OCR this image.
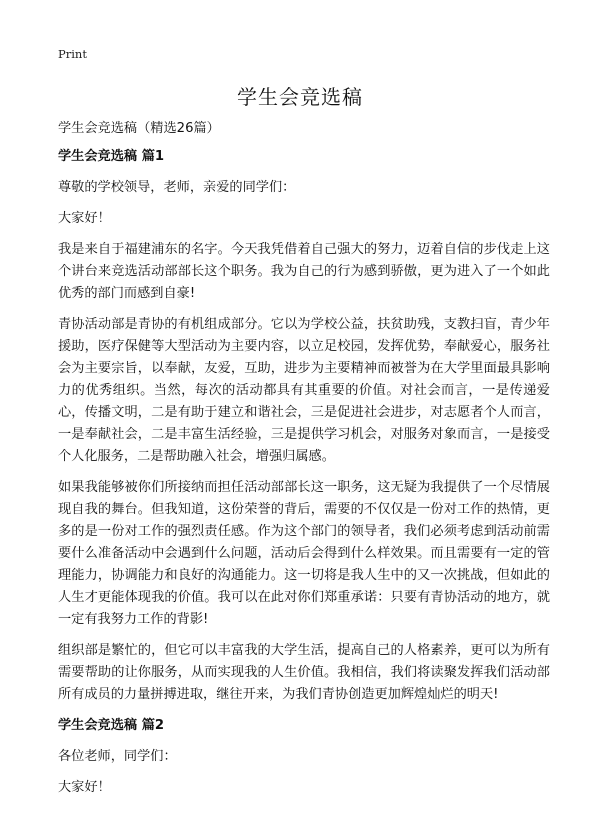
Print
学生会竞选稿

学生会竞选稿（精选26篇）

学生会竞选稿 篇1

尊敬的学校领导，老师，亲爱的同学们：

大家好！

我是来自于福建浦东的名字。今天我凭借着自己强大的努力，迈着自信的步伐走上这个讲台来竞选活动部部长这个职务。我为自己的行为感到骄傲，更为进入了一个如此优秀的部门而感到自豪!

青协活动部是青协的有机组成部分。它以为学校公益，扶贫助残，支教扫盲，青少年援助，医疗保健等大型活动为主要内容，以立足校园，发挥优势，奉献爱心，服务社会为主要宗旨，以奉献，友爱，互助，进步为主要精神而被誉为在大学里面最具影响力的优秀组织。当然，每次的活动都具有其重要的价值。对社会而言，一是传递爱心，传播文明，二是有助于建立和谐社会，三是促进社会进步，对志愿者个人而言，一是奉献社会，二是丰富生活经验，三是提供学习机会，对服务对象而言，一是接受个人化服务，二是帮助融入社会，增强归属感。

如果我能够被你们所接纳而担任活动部部长这一职务，这无疑为我提供了一个尽情展现自我的舞台。但我知道，这份荣誉的背后，需要的不仅仅是一份对工作的热情，更多的是一份对工作的强烈责任感。作为这个部门的领导者，我们必须考虑到活动前需要什么准备活动中会遇到什么问题，活动后会得到什么样效果。而且需要有一定的管理能力，协调能力和良好的沟通能力。这一切将是我人生中的又一次挑战，但如此的人生才更能体现我的价值。我可以在此对你们郑重承诺：只要有青协活动的地方，就一定有我努力工作的背影!

组织部是繁忙的，但它可以丰富我的大学生活，提高自己的人格素养，更可以为所有需要帮助的让你服务，从而实现我的人生价值。我相信，我们将读聚发挥我们活动部所有成员的力量拼搏进取，继往开来，为我们青协创造更加辉煌灿烂的明天!

学生会竞选稿 篇2

各位老师，同学们：

大家好！
